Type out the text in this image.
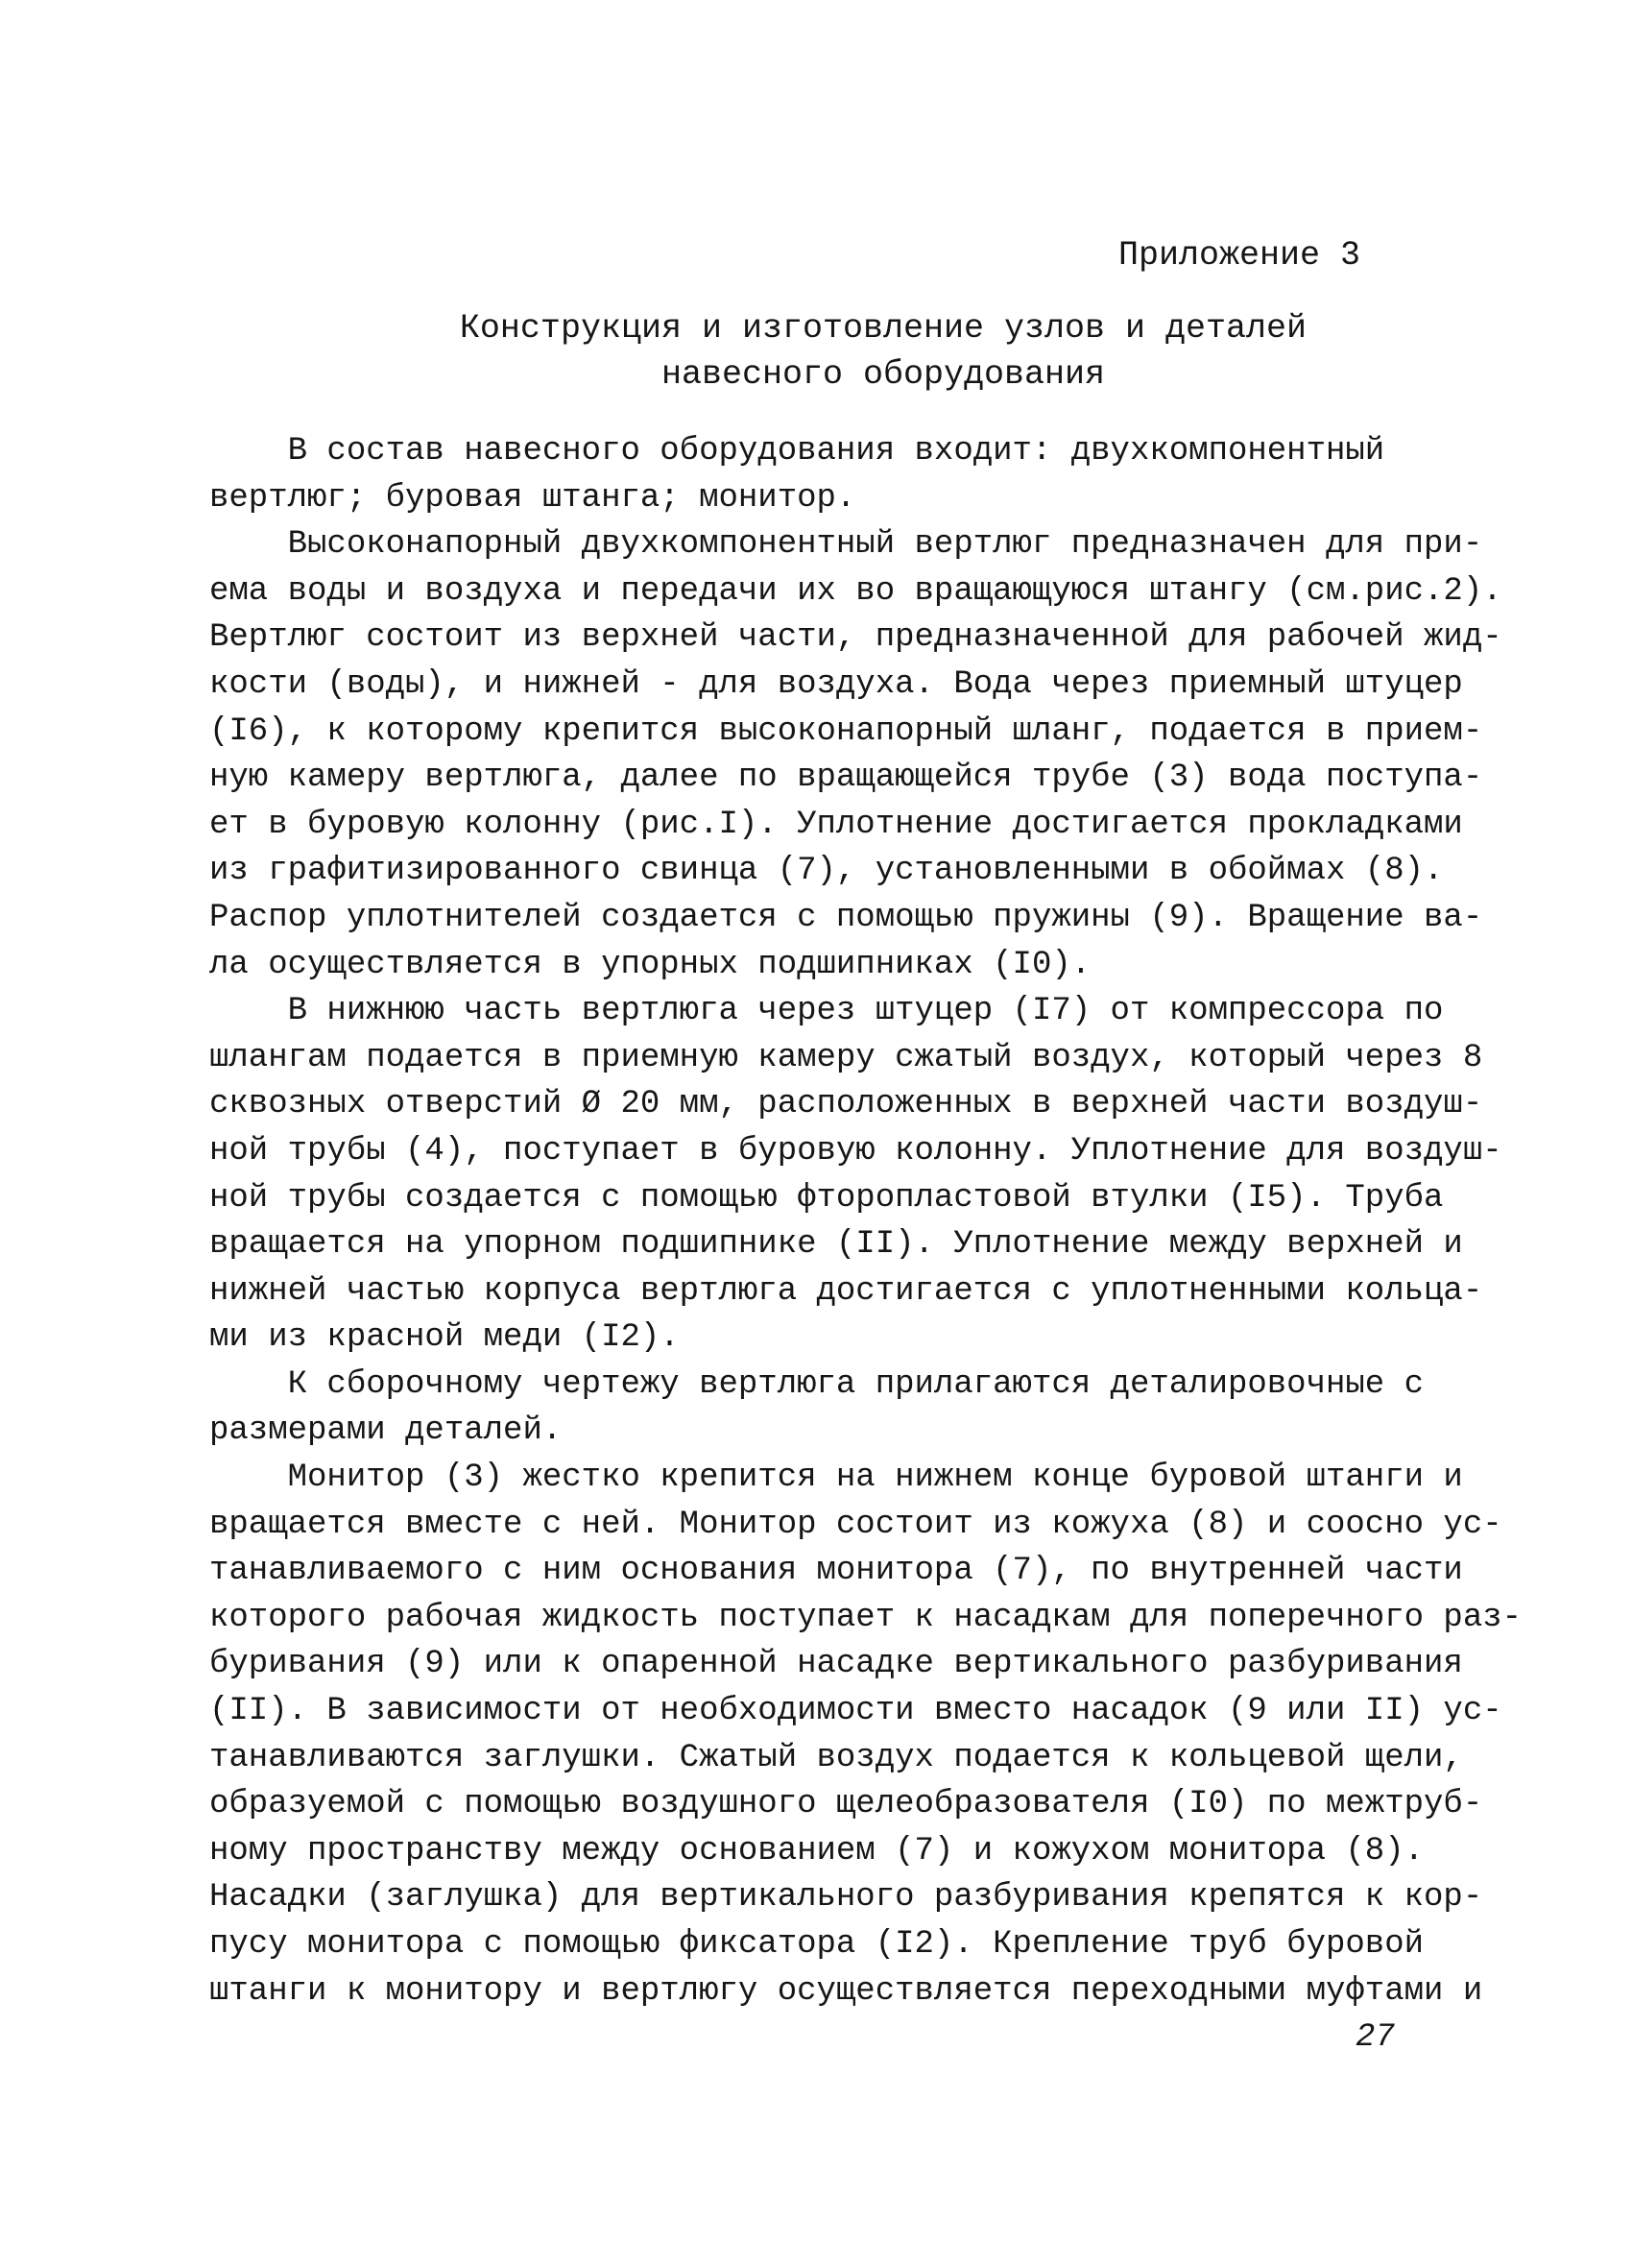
Приложение 3
Конструкция и изготовление узлов и деталей
навесного оборудования
В состав навесного оборудования входит: двухкомпонентный
вертлюг; буровая штанга; монитор.
Высоконапорный двухкомпонентный вертлюг предназначен для при-
ема воды и воздуха и передачи их во вращающуюся штангу (см.рис.2).
Вертлюг состоит из верхней части, предназначенной для рабочей жид-
кости (воды), и нижней - для воздуха. Вода через приемный штуцер
(I6), к которому крепится высоконапорный шланг, подается в прием-
ную камеру вертлюга, далее по вращающейся трубе (3) вода поступа-
ет в буровую колонну (рис.I). Уплотнение достигается прокладками
из графитизированного свинца (7), установленными в обоймах (8).
Распор уплотнителей создается с помощью пружины (9). Вращение ва-
ла осуществляется в упорных подшипниках (I0).
В нижнюю часть вертлюга через штуцер (I7) от компрессора по
шлангам подается в приемную камеру сжатый воздух, который через 8
сквозных отверстий Ø 20 мм, расположенных в верхней части воздуш-
ной трубы (4), поступает в буровую колонну. Уплотнение для воздуш-
ной трубы создается с помощью фторопластовой втулки (I5). Труба
вращается на упорном подшипнике (II). Уплотнение между верхней и
нижней частью корпуса вертлюга достигается с уплотненными кольца-
ми из красной меди (I2).
К сборочному чертежу вертлюга прилагаются деталировочные с
размерами деталей.
Монитор (3) жестко крепится на нижнем конце буровой штанги и
вращается вместе с ней. Монитор состоит из кожуха (8) и соосно ус-
танавливаемого с ним основания монитора (7), по внутренней части
которого рабочая жидкость поступает к насадкам для поперечного раз-
буривания (9) или к опаренной насадке вертикального разбуривания
(II). В зависимости от необходимости вместо насадок (9 или II) ус-
танавливаются заглушки. Сжатый воздух подается к кольцевой щели,
образуемой с помощью воздушного щелеобразователя (I0) по межтруб-
ному пространству между основанием (7) и кожухом монитора (8).
Насадки (заглушка) для вертикального разбуривания крепятся к кор-
пусу монитора с помощью фиксатора (I2). Крепление труб буровой
штанги к монитору и вертлюгу осуществляется переходными муфтами и
27
